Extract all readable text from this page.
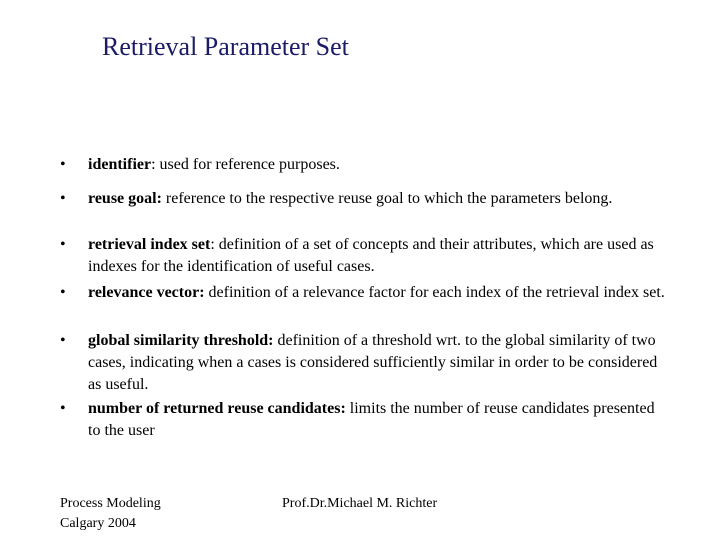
Retrieval Parameter Set
• identifier: used for reference purposes.
• reuse goal: reference to the respective reuse goal to which the parameters belong.
• retrieval index set: definition of a set of concepts and their attributes, which are used as indexes for the identification of useful cases.
• relevance vector: definition of a relevance factor for each index of the retrieval index set.
• global similarity threshold: definition of a threshold wrt. to the global similarity of two cases, indicating when a cases is considered sufficiently similar in order to be considered as useful.
• number of returned reuse candidates: limits the number of reuse candidates presented to the user
Process Modeling
Calgary 2004
Prof.Dr.Michael M. Richter
